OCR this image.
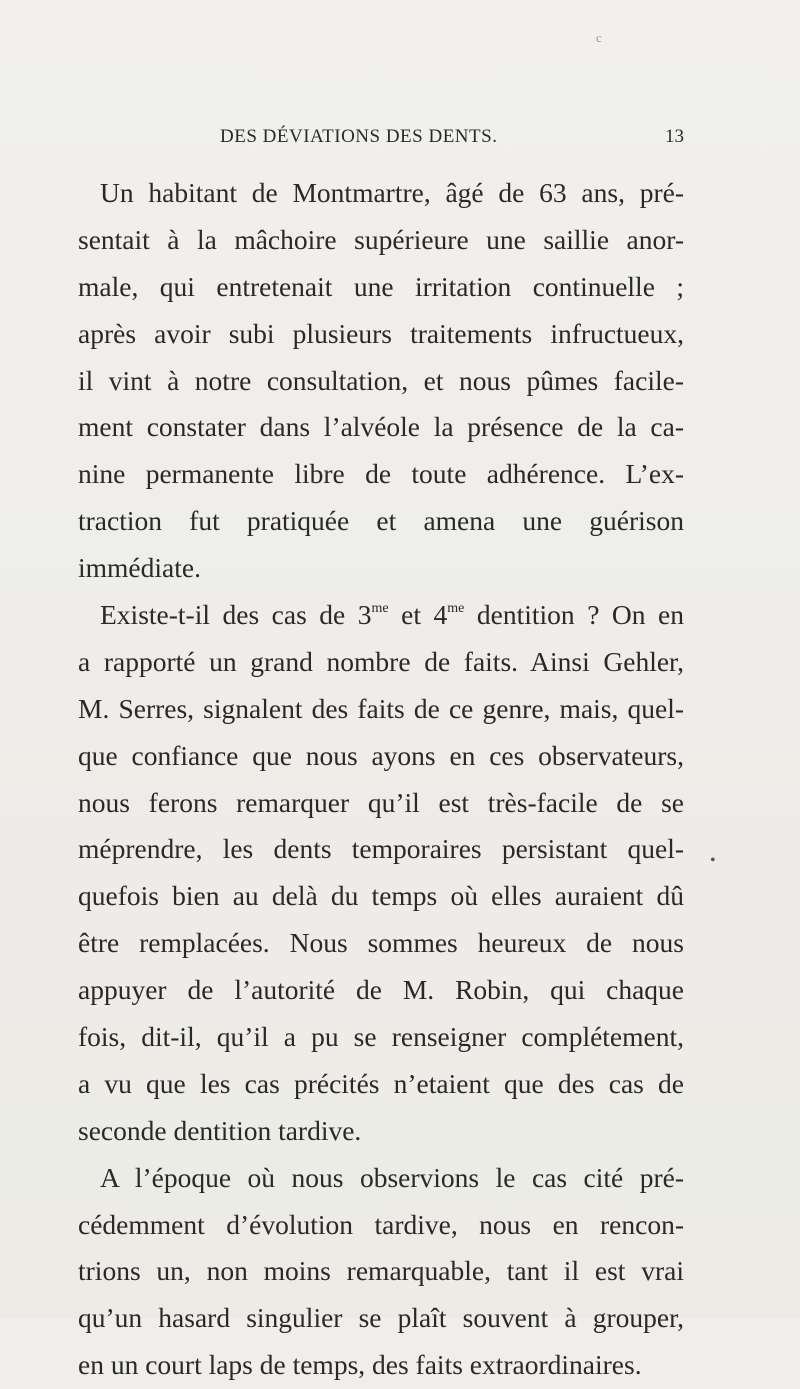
c
DES DÉVIATIONS DES DENTS.	13
Un habitant de Montmartre, âgé de 63 ans, pré-
sentait à la mâchoire supérieure une saillie anor-
male, qui entretenait une irritation continuelle ;
après avoir subi plusieurs traitements infructueux,
il vint à notre consultation, et nous pûmes facile-
ment constater dans l’alvéole la présence de la ca-
nine permanente libre de toute adhérence. L’ex-
traction fut pratiquée et amena une guérison
immédiate.
Existe-t-il des cas de $3^{me}$ et $4^{me}$ dentition ? On en
a rapporté un grand nombre de faits. Ainsi Gehler,
M. Serres, signalent des faits de ce genre, mais, quel-
que confiance que nous ayons en ces observateurs,
nous ferons remarquer qu’il est très-facile de se
méprendre, les dents temporaires persistant quel-
quefois bien au delà du temps où elles auraient dû
être remplacées. Nous sommes heureux de nous
appuyer de l’autorité de M. Robin, qui chaque
fois, dit-il, qu’il a pu se renseigner complétement,
a vu que les cas précités n’etaient que des cas de
seconde dentition tardive.
A l’époque où nous observions le cas cité pré-
cédemment d’évolution tardive, nous en rencon-
trions un, non moins remarquable, tant il est vrai
qu’un hasard singulier se plaît souvent à grouper,
en un court laps de temps, des faits extraordinaires.
•
